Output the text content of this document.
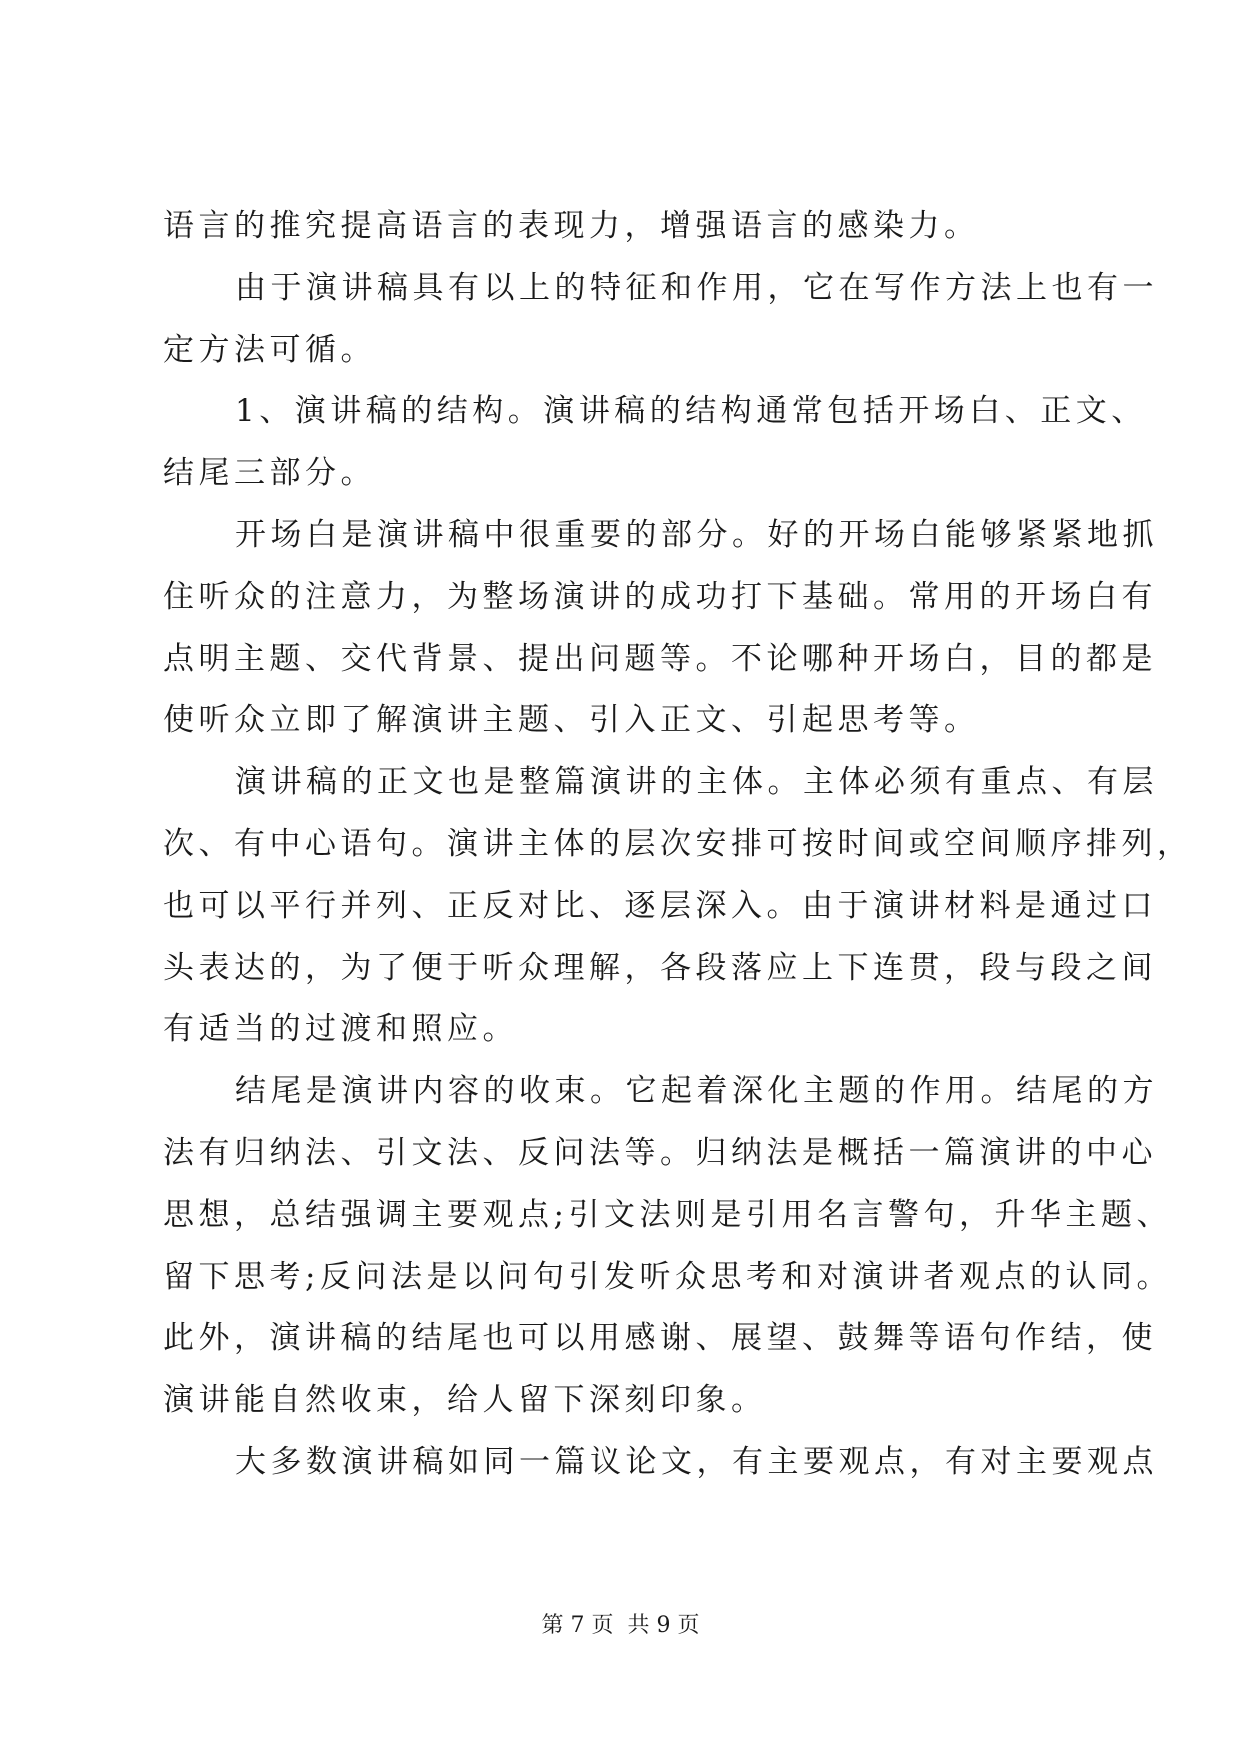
语言的推究提高语言的表现力，增强语言的感染力。
由于演讲稿具有以上的特征和作用，它在写作方法上也有一
定方法可循。
1、演讲稿的结构。演讲稿的结构通常包括开场白、正文、
结尾三部分。
开场白是演讲稿中很重要的部分。好的开场白能够紧紧地抓
住听众的注意力，为整场演讲的成功打下基础。常用的开场白有
点明主题、交代背景、提出问题等。不论哪种开场白，目的都是
使听众立即了解演讲主题、引入正文、引起思考等。
演讲稿的正文也是整篇演讲的主体。主体必须有重点、有层
次、有中心语句。演讲主体的层次安排可按时间或空间顺序排列，
也可以平行并列、正反对比、逐层深入。由于演讲材料是通过口
头表达的，为了便于听众理解，各段落应上下连贯，段与段之间
有适当的过渡和照应。
结尾是演讲内容的收束。它起着深化主题的作用。结尾的方
法有归纳法、引文法、反问法等。归纳法是概括一篇演讲的中心
思想，总结强调主要观点;引文法则是引用名言警句，升华主题、
留下思考;反问法是以问句引发听众思考和对演讲者观点的认同。
此外，演讲稿的结尾也可以用感谢、展望、鼓舞等语句作结，使
演讲能自然收束，给人留下深刻印象。
大多数演讲稿如同一篇议论文，有主要观点，有对主要观点
第 7 页 共 9 页
